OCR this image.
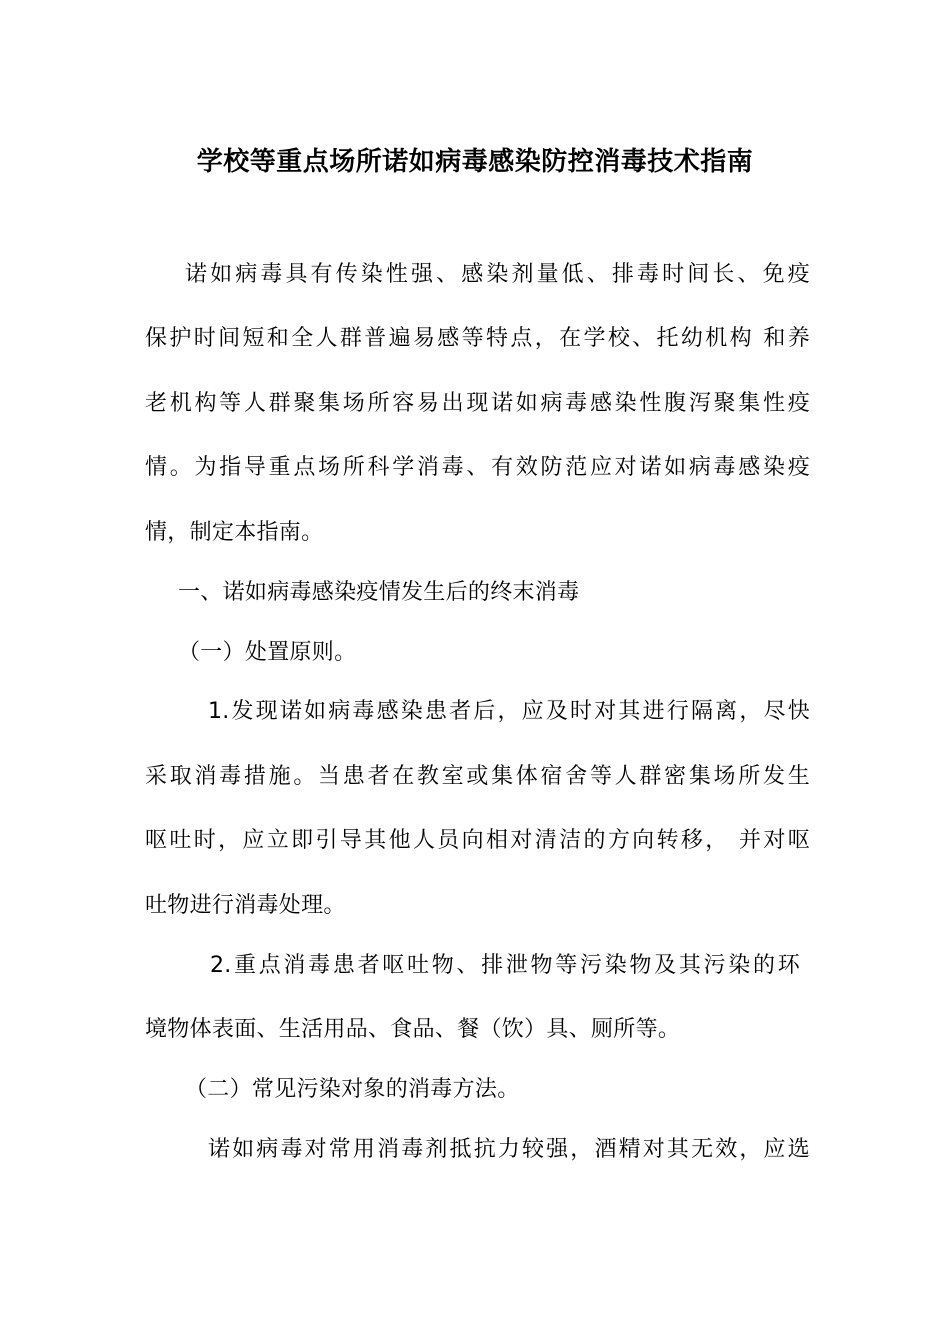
学校等重点场所诺如病毒感染防控消毒技术指南
诺如病毒具有传染性强、感染剂量低、排毒时间长、免疫
保护时间短和全人群普遍易感等特点，在学校、托幼机构 和养
老机构等人群聚集场所容易出现诺如病毒感染性腹泻聚集性疫
情。为指导重点场所科学消毒、有效防范应对诺如病毒感染疫
情，制定本指南。
一、诺如病毒感染疫情发生后的终末消毒
（一）处置原则。
1.发现诺如病毒感染患者后，应及时对其进行隔离，尽快
采取消毒措施。当患者在教室或集体宿舍等人群密集场所发生
呕吐时，应立即引导其他人员向相对清洁的方向转移， 并对呕
吐物进行消毒处理。
2.重点消毒患者呕吐物、排泄物等污染物及其污染的环
境物体表面、生活用品、食品、餐（饮）具、厕所等。
（二）常见污染对象的消毒方法。
诺如病毒对常用消毒剂抵抗力较强，酒精对其无效，应选
